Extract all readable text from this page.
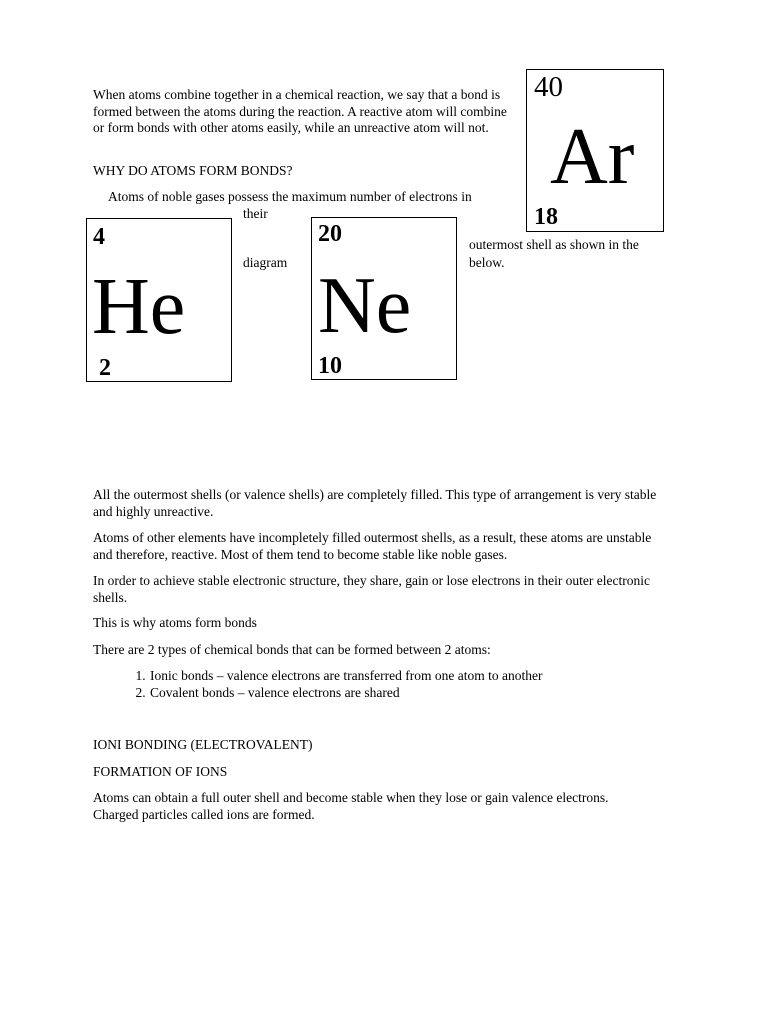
When atoms combine together in a chemical reaction, we say that a bond is formed between the atoms during the reaction. A reactive atom will combine or form bonds with other atoms easily, while an unreactive atom will not.

40
Ar
18

WHY DO ATOMS FORM BONDS?

Atoms of noble gases possess the maximum number of electrons in

their
diagram
outermost shell as shown in the
below.
4
He
2
20
Ne
10

All the outermost shells (or valence shells) are completely filled. This type of arrangement is very stable and highly unreactive.

Atoms of other elements have incompletely filled outermost shells, as a result, these atoms are unstable and therefore, reactive. Most of them tend to become stable like noble gases.

In order to achieve stable electronic structure, they share, gain or lose electrons in their outer electronic shells.

This is why atoms form bonds

There are 2 types of chemical bonds that can be formed between 2 atoms:

1. Ionic bonds – valence electrons are transferred from one atom to another
2. Covalent bonds – valence electrons are shared

IONI BONDING (ELECTROVALENT)

FORMATION OF IONS

Atoms can obtain a full outer shell and become stable when they lose or gain valence electrons. Charged particles called ions are formed.
